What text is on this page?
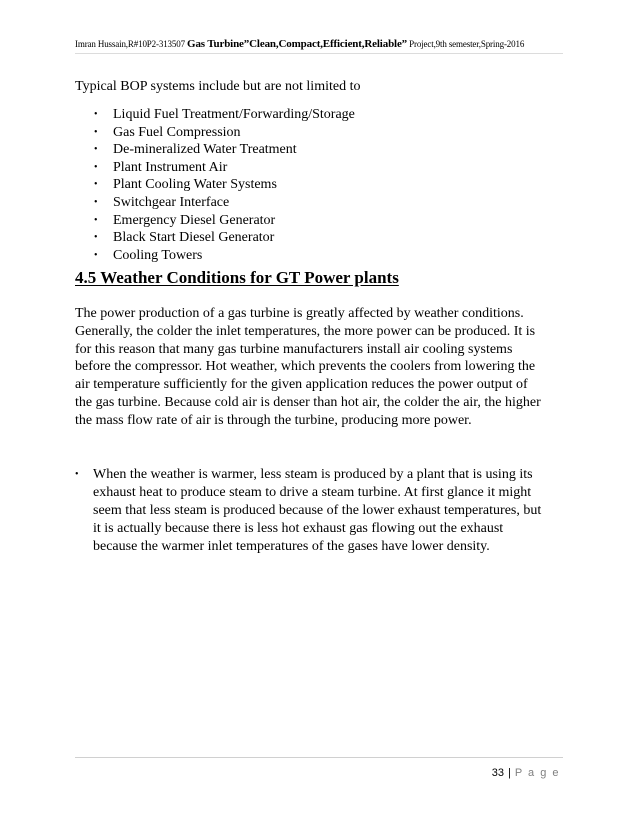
Imran Hussain,R#10P2-313507 Gas Turbine”Clean,Compact,Efficient,Reliable” Project,9th semester,Spring-2016
Typical BOP systems include but are not limited to
• Liquid Fuel Treatment/Forwarding/Storage
• Gas Fuel Compression
• De-mineralized Water Treatment
• Plant Instrument Air
• Plant Cooling Water Systems
• Switchgear Interface
• Emergency Diesel Generator
• Black Start Diesel Generator
• Cooling Towers
4.5 Weather Conditions for GT Power plants
The power production of a gas turbine is greatly affected by weather conditions.
Generally, the colder the inlet temperatures, the more power can be produced. It is
for this reason that many gas turbine manufacturers install air cooling systems
before the compressor. Hot weather, which prevents the coolers from lowering the
air temperature sufficiently for the given application reduces the power output of
the gas turbine. Because cold air is denser than hot air, the colder the air, the higher
the mass flow rate of air is through the turbine, producing more power.
•	When the weather is warmer, less steam is produced by a plant that is using its
exhaust heat to produce steam to drive a steam turbine. At first glance it might
seem that less steam is produced because of the lower exhaust temperatures, but
it is actually because there is less hot exhaust gas flowing out the exhaust
because the warmer inlet temperatures of the gases have lower density.
33 | P a g e
